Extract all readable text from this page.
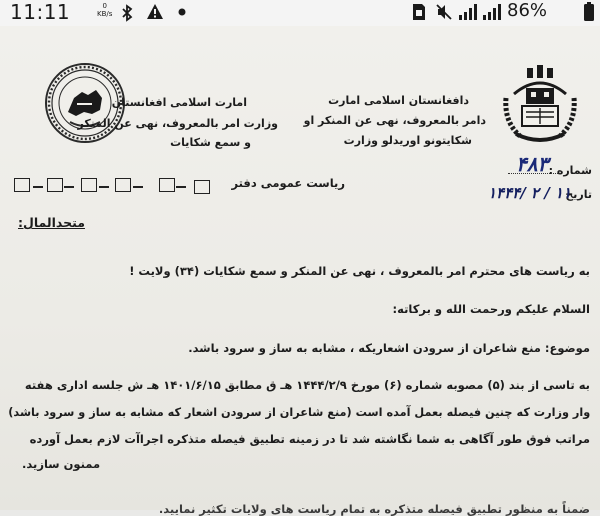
11:11	0
KB/s	86%
دافغانستان اسلامی امارت
دامر بالمعروف، نهی عن المنکر او
شکایتونو اوریدلو وزارت
امارت اسلامی افغانستان
وزارت امر بالمعروف، نهی عن المنکر
و سمع شکایات
شماره :
۴۸۳
ریاست عمومی دفتر
تاریخ
۱۴۴۴/ ۲ / ۱۱
متحدالمال:
به ریاست های محترم امر بالمعروف ، نهی عن المنکر و سمع شکایات (۳۴) ولایت !
السلام علیکم ورحمت الله و برکاته:
موضوع: منع شاعران از سرودن اشعاریکه ، مشابه به ساز و سرود باشد.
به تاسی از بند (۵) مصوبه شماره (۶) مورخ ۱۴۴۴/۲/۹ هـ ق مطابق ۱۴۰۱/۶/۱۵ هـ ش جلسه اداری هفته
وار وزارت که چنین فیصله بعمل آمده است (منع شاعران از سرودن اشعار که مشابه به ساز و سرود باشد)
مراتب فوق طور آگاهی به شما نگاشته شد تا در زمینه تطبیق فیصله متذکره اجراآت لازم بعمل آورده
ممنون سازید.
ضمناً به منظور تطبیق فیصله متذکره به تمام ریاست های ولایات تکثیر نمایید.
